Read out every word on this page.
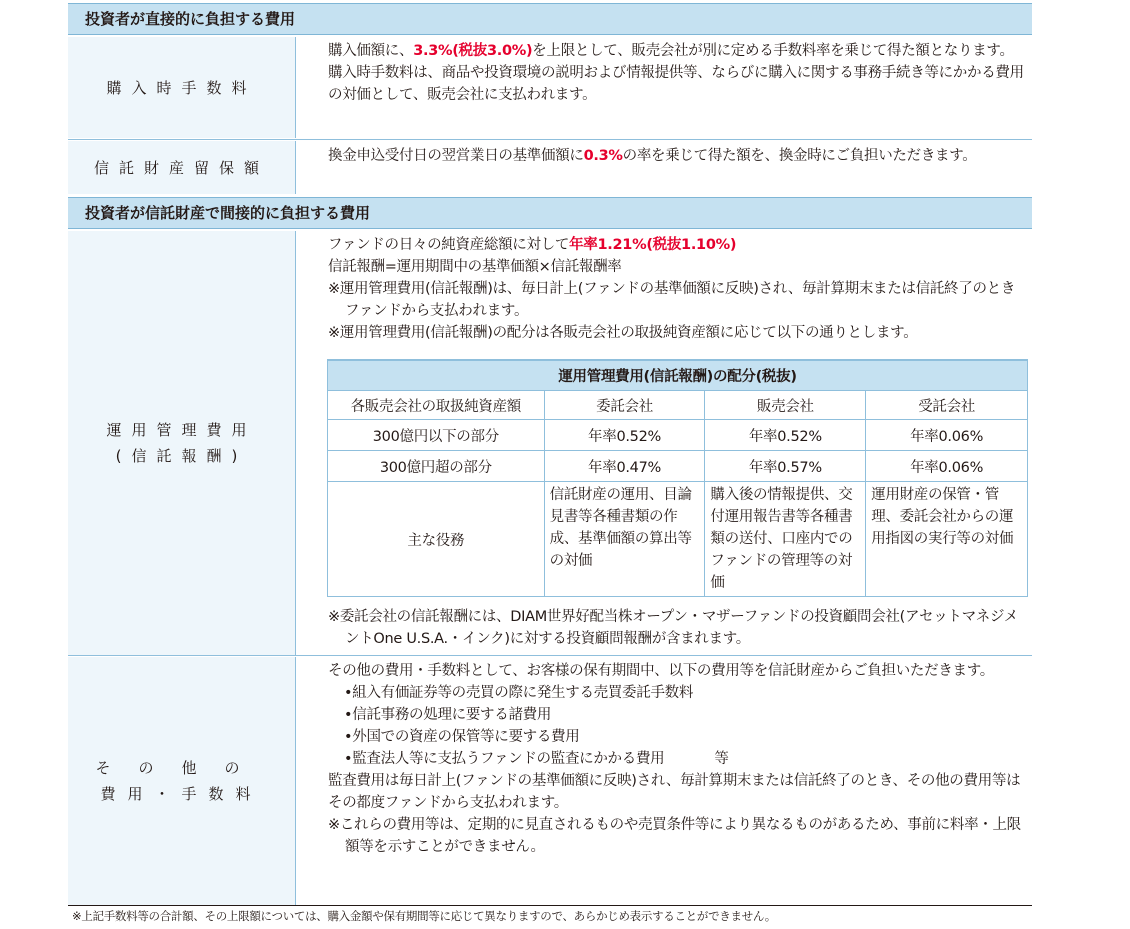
投資者が直接的に負担する費用
購入時手数料

購入価額に、3.3%(税抜3.0%)を上限として、販売会社が別に定める手数料率を乗じて得た額となります。

購入時手数料は、商品や投資環境の説明および情報提供等、ならびに購入に関する事務手続き等にかかる費用の対価として、販売会社に支払われます。

信託財産留保額

換金申込受付日の翌営業日の基準価額に0.3%の率を乗じて得た額を、換金時にご負担いただきます。

投資者が信託財産で間接的に負担する費用
運用管理費用
(信託報酬)

ファンドの日々の純資産総額に対して年率1.21%(税抜1.10%)

信託報酬=運用期間中の基準価額×信託報酬率

※運用管理費用(信託報酬)は、毎日計上(ファンドの基準価額に反映)され、毎計算期末または信託終了のときファンドから支払われます。

※運用管理費用(信託報酬)の配分は各販売会社の取扱純資産額に応じて以下の通りとします。

運用管理費用(信託報酬)の配分(税抜)			
各販売会社の取扱純資産額	委託会社	販売会社	受託会社
300億円以下の部分	年率0.52%	年率0.52%	年率0.06%
300億円超の部分	年率0.47%	年率0.57%	年率0.06%
主な役務	信託財産の運用、目論見書等各種書類の作成、基準価額の算出等の対価	購入後の情報提供、交付運用報告書等各種書類の送付、口座内でのファンドの管理等の対価	運用財産の保管・管理、委託会社からの運用指図の実行等の対価

※委託会社の信託報酬には、DIAM世界好配当株オープン・マザーファンドの投資顧問会社(アセットマネジメントOne U.S.A.・インク)に対する投資顧問報酬が含まれます。

その他の
費用・手数料

その他の費用・手数料として、お客様の保有期間中、以下の費用等を信託財産からご負担いただきます。

•組入有価証券等の売買の際に発生する売買委託手数料

•信託事務の処理に要する諸費用

•外国での資産の保管等に要する費用

•監査法人等に支払うファンドの監査にかかる費用	等

監査費用は毎日計上(ファンドの基準価額に反映)され、毎計算期末または信託終了のとき、その他の費用等はその都度ファンドから支払われます。

※これらの費用等は、定期的に見直されるものや売買条件等により異なるものがあるため、事前に料率・上限額等を示すことができません。

※上記手数料等の合計額、その上限額については、購入金額や保有期間等に応じて異なりますので、あらかじめ表示することができません。
